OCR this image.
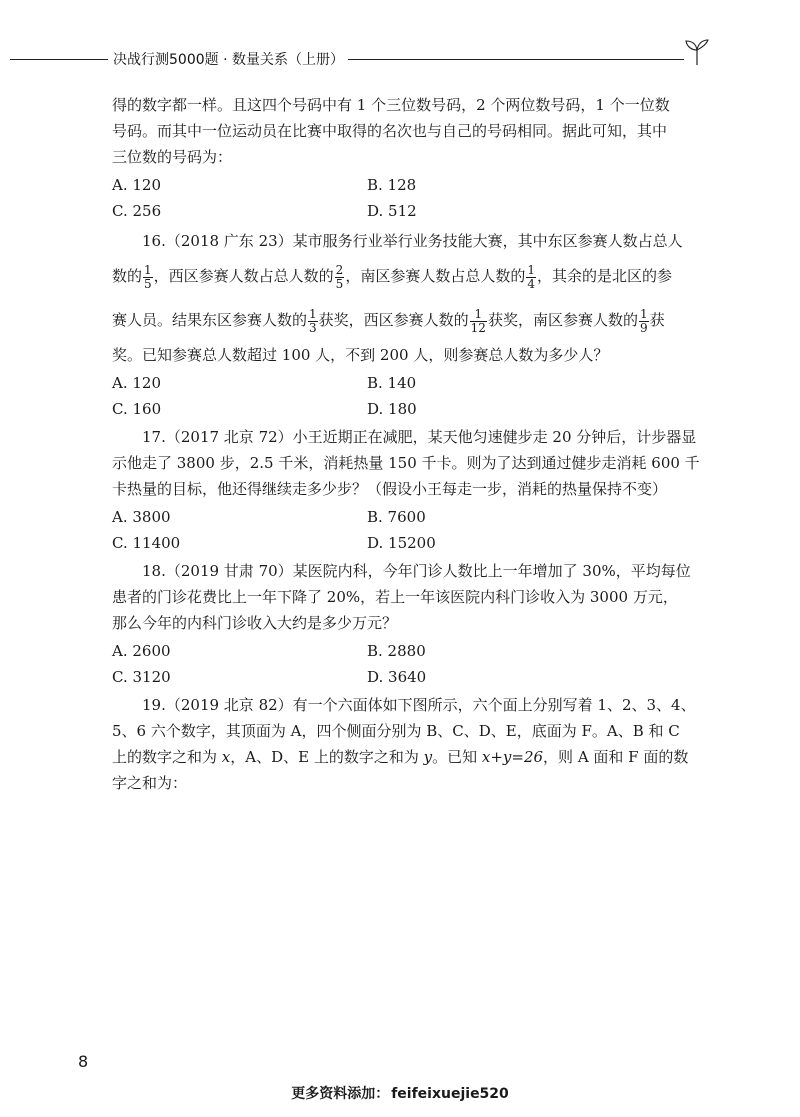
决战行测5000题 · 数量关系（上册）

得的数字都一样。且这四个号码中有 1 个三位数号码，2 个两位数号码，1 个一位数

号码。而其中一位运动员在比赛中取得的名次也与自己的号码相同。据此可知，其中

三位数的号码为：

A. 120	B. 128
C. 256	D. 512

16.（2018 广东 23）某市服务行业举行业务技能大赛，其中东区参赛人数占总人

数的 $\frac{1}{5}$ ，西区参赛人数占总人数的 $\frac{2}{5}$ ，南区参赛人数占总人数的 $\frac{1}{4}$ ，其余的是北区的参

赛人员。结果东区参赛人数的 $\frac{1}{3}$ 获奖，西区参赛人数的 $\frac{1}{12}$ 获奖，南区参赛人数的 $\frac{1}{9}$ 获

奖。已知参赛总人数超过 100 人，不到 200 人，则参赛总人数为多少人？

A. 120	B. 140
C. 160	D. 180

17.（2017 北京 72）小王近期正在减肥，某天他匀速健步走 20 分钟后，计步器显

示他走了 3800 步，2.5 千米，消耗热量 150 千卡。则为了达到通过健步走消耗 600 千

卡热量的目标，他还得继续走多少步？（假设小王每走一步，消耗的热量保持不变）

A. 3800	B. 7600
C. 11400	D. 15200

18.（2019 甘肃 70）某医院内科，今年门诊人数比上一年增加了 30%，平均每位

患者的门诊花费比上一年下降了 20%，若上一年该医院内科门诊收入为 3000 万元，

那么今年的内科门诊收入大约是多少万元？

A. 2600	B. 2880
C. 3120	D. 3640

19.（2019 北京 82）有一个六面体如下图所示，六个面上分别写着 1、2、3、4、

5、6 六个数字，其顶面为 A，四个侧面分别为 B、C、D、E，底面为 F。A、B 和 C

上的数字之和为 x，A、D、E 上的数字之和为 y。已知 x+y=26，则 A 面和 F 面的数

字之和为：

8
更多资料添加： feifeixuejie520
